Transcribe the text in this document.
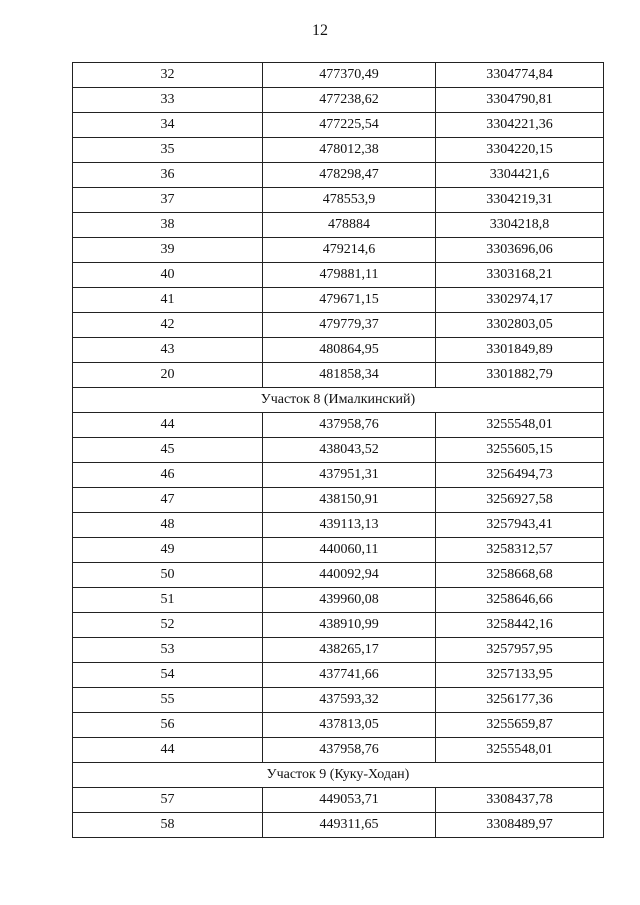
12
32	477370,49	3304774,84
33	477238,62	3304790,81
34	477225,54	3304221,36
35	478012,38	3304220,15
36	478298,47	3304421,6
37	478553,9	3304219,31
38	478884	3304218,8
39	479214,6	3303696,06
40	479881,11	3303168,21
41	479671,15	3302974,17
42	479779,37	3302803,05
43	480864,95	3301849,89
20	481858,34	3301882,79
Участок 8 (Ималкинский)		
44	437958,76	3255548,01
45	438043,52	3255605,15
46	437951,31	3256494,73
47	438150,91	3256927,58
48	439113,13	3257943,41
49	440060,11	3258312,57
50	440092,94	3258668,68
51	439960,08	3258646,66
52	438910,99	3258442,16
53	438265,17	3257957,95
54	437741,66	3257133,95
55	437593,32	3256177,36
56	437813,05	3255659,87
44	437958,76	3255548,01
Участок 9 (Куку-Ходан)		
57	449053,71	3308437,78
58	449311,65	3308489,97
